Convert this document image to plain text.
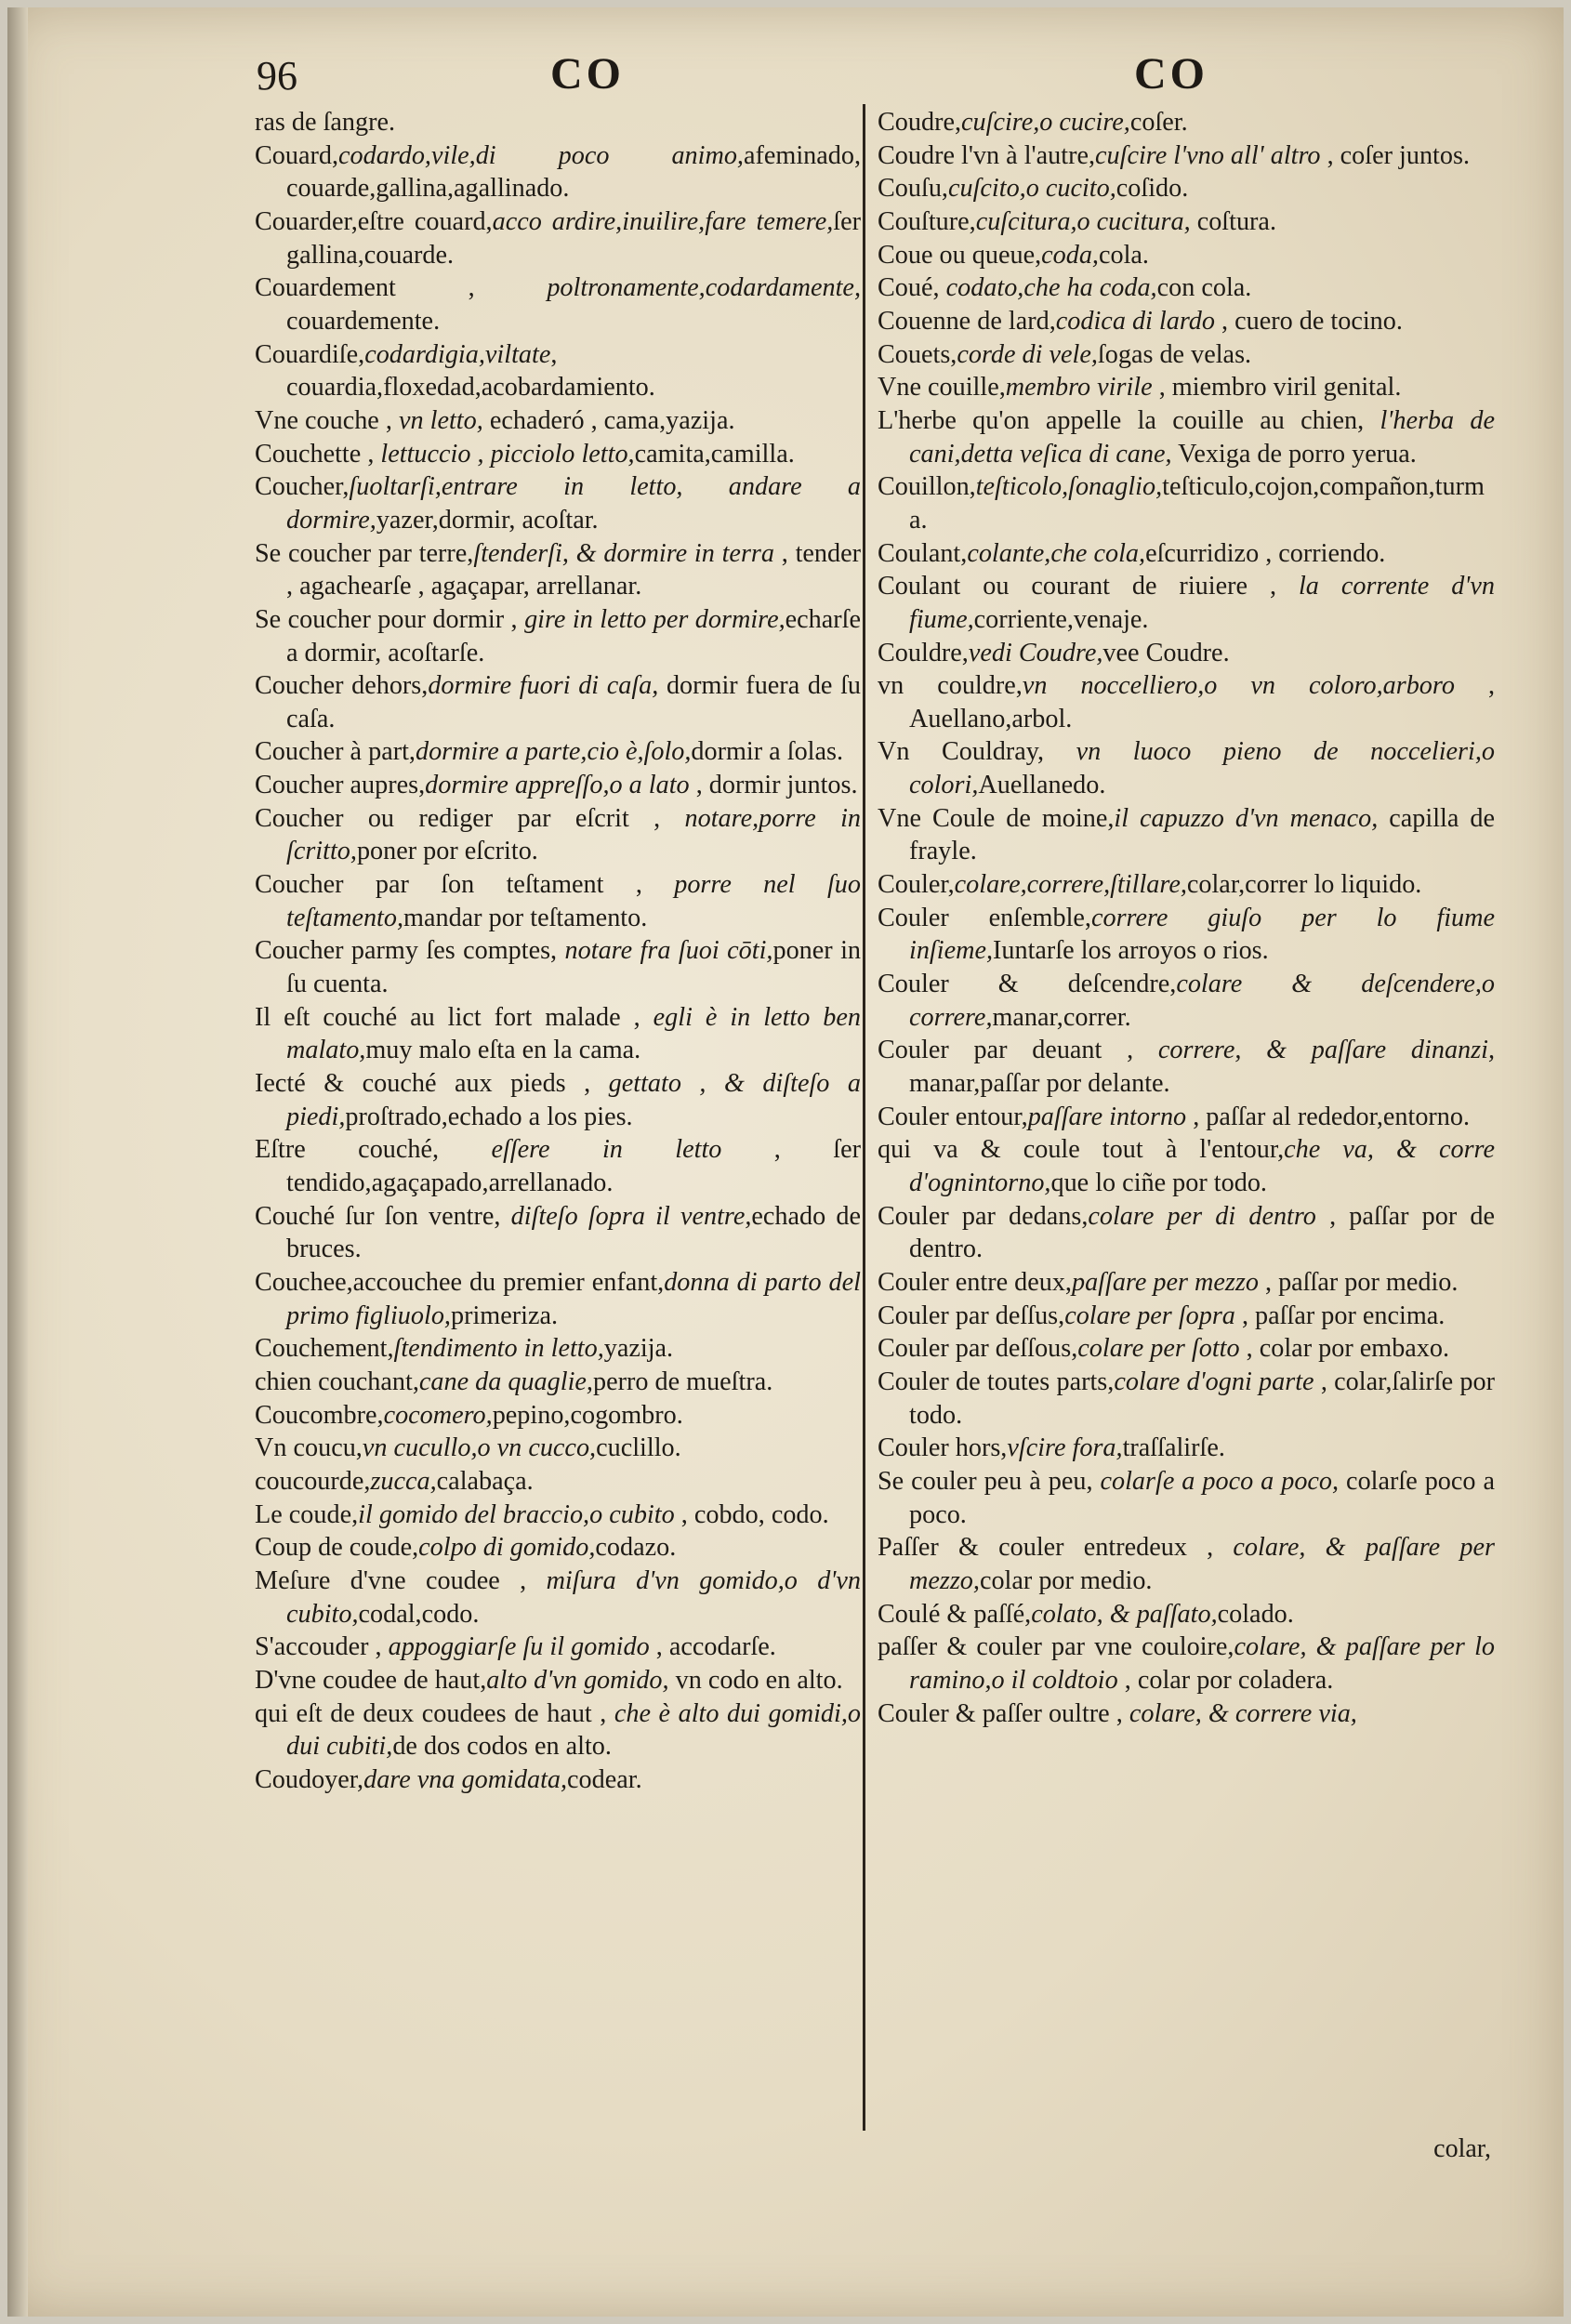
96	CO	CO
ras de ſangre.
Couard,codardo,vile,di poco animo,afeminado, couarde,gallina,agallinado.
Couarder,eſtre couard,acco ardire,inuilire,fare temere,ſer gallina,couarde.
Couardement , poltronamente,codardamente, couardemente.
Couardiſe,codardigia,viltate, couardia,floxedad,acobardamiento.
Vne couche , vn letto, echaderó , cama,yazija.
Couchette , lettuccio , picciolo letto,camita,camilla.
Coucher,ſuoltarſi,entrare in letto, andare a dormire,yazer,dormir, acoſtar.
Se coucher par terre,ſtenderſi, & dormire in terra , tender , agachearſe , agaçapar, arrellanar.
Se coucher pour dormir , gire in letto per dormire,echarſe a dormir, acoſtarſe.
Coucher dehors,dormire fuori di caſa, dormir fuera de ſu caſa.
Coucher à part,dormire a parte,cio è,ſolo,dormir a ſolas.
Coucher aupres,dormire appreſſo,o a lato , dormir juntos.
Coucher ou rediger par eſcrit , notare,porre in ſcritto,poner por eſcrito.
Coucher par ſon teſtament , porre nel ſuo teſtamento,mandar por teſtamento.
Coucher parmy ſes comptes, notare fra ſuoi cōti,poner in ſu cuenta.
Il eſt couché au lict fort malade , egli è in letto ben malato,muy malo eſta en la cama.
Iecté & couché aux pieds , gettato , & diſteſo a piedi,proſtrado,echado a los pies.
Eſtre couché, eſſere in letto , ſer tendido,agaçapado,arrellanado.
Couché ſur ſon ventre, diſteſo ſopra il ventre,echado de bruces.
Couchee,accouchee du premier enfant,donna di parto del primo figliuolo,primeriza.
Couchement,ſtendimento in letto,yazija.
chien couchant,cane da quaglie,perro de mueſtra.
Coucombre,cocomero,pepino,cogombro.
Vn coucu,vn cucullo,o vn cucco,cuclillo.
coucourde,zucca,calabaça.
Le coude,il gomido del braccio,o cubito , cobdo, codo.
Coup de coude,colpo di gomido,codazo.
Meſure d'vne coudee , miſura d'vn gomido,o d'vn cubito,codal,codo.
S'accouder , appoggiarſe ſu il gomido , accodarſe.
D'vne coudee de haut,alto d'vn gomido, vn codo en alto.
qui eſt de deux coudees de haut , che è alto dui gomidi,o dui cubiti,de dos codos en alto.
Coudoyer,dare vna gomidata,codear.
Coudre,cuſcire,o cucire,coſer.
Coudre l'vn à l'autre,cuſcire l'vno all' altro , coſer juntos.
Couſu,cuſcito,o cucito,coſido.
Couſture,cuſcitura,o cucitura, coſtura.
Coue ou queue,coda,cola.
Coué, codato,che ha coda,con cola.
Couenne de lard,codica di lardo , cuero de tocino.
Couets,corde di vele,ſogas de velas.
Vne couille,membro virile , miembro viril genital.
L'herbe qu'on appelle la couille au chien, l'herba de cani,detta veſica di cane, Vexiga de porro yerua.
Couillon,teſticolo,ſonaglio,teſticulo,cojon,compañon,turma.
Coulant,colante,che cola,eſcurridizo , corriendo.
Coulant ou courant de riuiere , la corrente d'vn fiume,corriente,venaje.
Couldre,vedi Coudre,vee Coudre.
vn couldre,vn noccelliero,o vn coloro,arboro , Auellano,arbol.
Vn Couldray, vn luoco pieno de noccelieri,o colori,Auellanedo.
Vne Coule de moine,il capuzzo d'vn menaco, capilla de frayle.
Couler,colare,correre,ſtillare,colar,correr lo liquido.
Couler enſemble,correre giuſo per lo fiume inſieme,Iuntarſe los arroyos o rios.
Couler & deſcendre,colare & deſcendere,o correre,manar,correr.
Couler par deuant , correre, & paſſare dinanzi, manar,paſſar por delante.
Couler entour,paſſare intorno , paſſar al rededor,entorno.
qui va & coule tout à l'entour,che va, & corre d'ognintorno,que lo ciñe por todo.
Couler par dedans,colare per di dentro , paſſar por de dentro.
Couler entre deux,paſſare per mezzo , paſſar por medio.
Couler par deſſus,colare per ſopra , paſſar por encima.
Couler par deſſous,colare per ſotto , colar por embaxo.
Couler de toutes parts,colare d'ogni parte , colar,ſalirſe por todo.
Couler hors,vſcire fora,traſſalirſe.
Se couler peu à peu, colarſe a poco a poco, colarſe poco a poco.
Paſſer & couler entredeux , colare, & paſſare per mezzo,colar por medio.
Coulé & paſſé,colato, & paſſato,colado.
paſſer & couler par vne couloire,colare, & paſſare per lo ramino,o il coldtoio , colar por coladera.
Couler & paſſer oultre , colare, & correre via,
colar,
